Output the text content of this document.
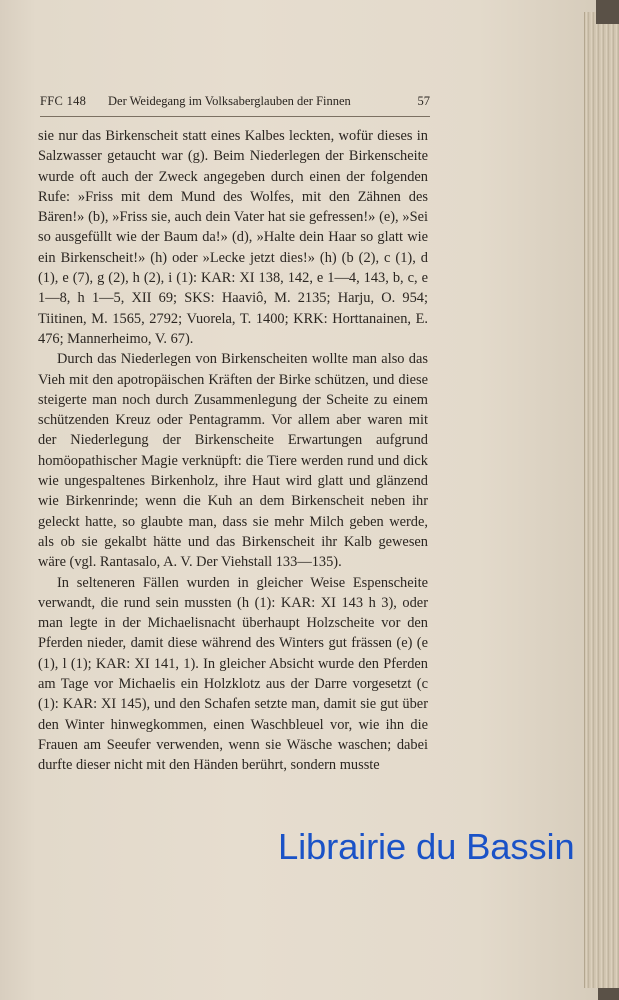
FFC 148 Der Weidegang im Volksaberglauben der Finnen	57

sie nur das Birkenscheit statt eines Kalbes leckten, wofür dieses in Salzwasser getaucht war (g). Beim Niederlegen der Birkenscheite wurde oft auch der Zweck angegeben durch einen der folgenden Rufe: »Friss mit dem Mund des Wolfes, mit den Zähnen des Bären!» (b), »Friss sie, auch dein Vater hat sie gefressen!» (e), »Sei so ausgefüllt wie der Baum da!» (d), »Halte dein Haar so glatt wie ein Birkenscheit!» (h) oder »Lecke jetzt dies!» (h) (b (2), c (1), d (1), e (7), g (2), h (2), i (1): KAR: XI 138, 142, e 1—4, 143, b, c, e 1—8, h 1—5, XII 69; SKS: Haaviô, M. 2135; Harju, O. 954; Tiitinen, M. 1565, 2792; Vuorela, T. 1400; KRK: Horttanainen, E. 476; Mannerheimo, V. 67).

Durch das Niederlegen von Birkenscheiten wollte man also das Vieh mit den apotropäischen Kräften der Birke schützen, und diese steigerte man noch durch Zusammenlegung der Scheite zu einem schützenden Kreuz oder Pentagramm. Vor allem aber waren mit der Niederlegung der Birkenscheite Erwartungen aufgrund homöopathischer Magie verknüpft: die Tiere werden rund und dick wie ungespaltenes Birkenholz, ihre Haut wird glatt und glänzend wie Birkenrinde; wenn die Kuh an dem Birkenscheit neben ihr geleckt hatte, so glaubte man, dass sie mehr Milch geben werde, als ob sie gekalbt hätte und das Birkenscheit ihr Kalb gewesen wäre (vgl. Rantasalo, A. V. Der Viehstall 133—135).

In selteneren Fällen wurden in gleicher Weise Espenscheite verwandt, die rund sein mussten (h (1): KAR: XI 143 h 3), oder man legte in der Michaelisnacht überhaupt Holzscheite vor den Pferden nieder, damit diese während des Winters gut frässen (e) (e (1), l (1); KAR: XI 141, 1). In gleicher Absicht wurde den Pferden am Tage vor Michaelis ein Holzklotz aus der Darre vorgesetzt (c (1): KAR: XI 145), und den Schafen setzte man, damit sie gut über den Winter hinwegkommen, einen Waschbleuel vor, wie ihn die Frauen am Seeufer verwenden, wenn sie Wäsche waschen; dabei durfte dieser nicht mit den Händen berührt, sondern musste

Librairie du Bassin
